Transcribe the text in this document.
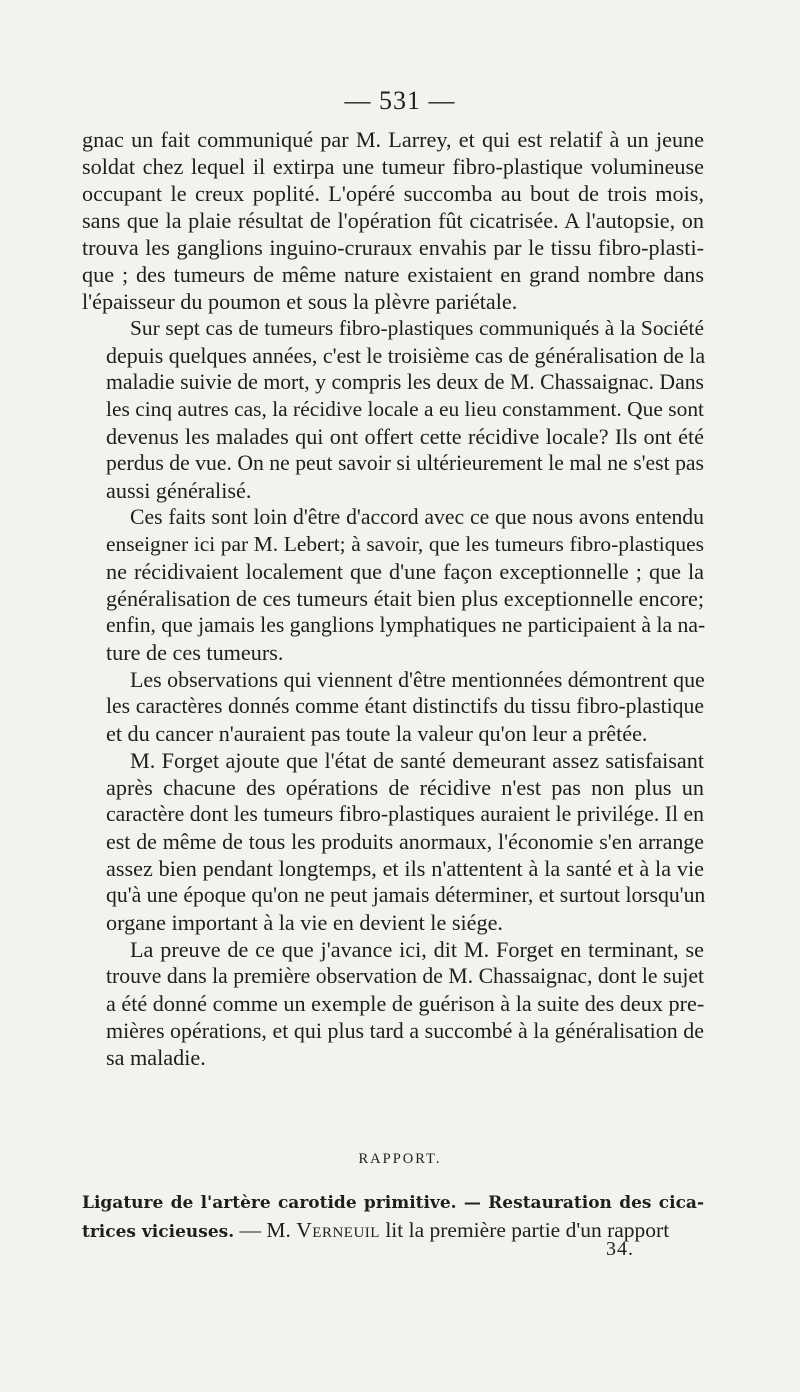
— 531 —
gnac un fait communiqué par M. Larrey, et qui est relatif à un jeune
soldat chez lequel il extirpa une tumeur fibro-plastique volumineuse
occupant le creux poplité. L'opéré succomba au bout de trois mois,
sans que la plaie résultat de l'opération fût cicatrisée. A l'autopsie, on
trouva les ganglions inguino-cruraux envahis par le tissu fibro-plasti-
que ; des tumeurs de même nature existaient en grand nombre dans
l'épaisseur du poumon et sous la plèvre pariétale.
Sur sept cas de tumeurs fibro-plastiques communiqués à la Société
depuis quelques années, c'est le troisième cas de généralisation de la
maladie suivie de mort, y compris les deux de M. Chassaignac. Dans
les cinq autres cas, la récidive locale a eu lieu constamment. Que sont
devenus les malades qui ont offert cette récidive locale? Ils ont été
perdus de vue. On ne peut savoir si ultérieurement le mal ne s'est pas
aussi généralisé.
Ces faits sont loin d'être d'accord avec ce que nous avons entendu
enseigner ici par M. Lebert; à savoir, que les tumeurs fibro-plastiques
ne récidivaient localement que d'une façon exceptionnelle ; que la
généralisation de ces tumeurs était bien plus exceptionnelle encore;
enfin, que jamais les ganglions lymphatiques ne participaient à la na-
ture de ces tumeurs.
Les observations qui viennent d'être mentionnées démontrent que
les caractères donnés comme étant distinctifs du tissu fibro-plastique
et du cancer n'auraient pas toute la valeur qu'on leur a prêtée.
M. Forget ajoute que l'état de santé demeurant assez satisfaisant
après chacune des opérations de récidive n'est pas non plus un
caractère dont les tumeurs fibro-plastiques auraient le privilége. Il en
est de même de tous les produits anormaux, l'économie s'en arrange
assez bien pendant longtemps, et ils n'attentent à la santé et à la vie
qu'à une époque qu'on ne peut jamais déterminer, et surtout lorsqu'un
organe important à la vie en devient le siége.
La preuve de ce que j'avance ici, dit M. Forget en terminant, se
trouve dans la première observation de M. Chassaignac, dont le sujet
a été donné comme un exemple de guérison à la suite des deux pre-
mières opérations, et qui plus tard a succombé à la généralisation de
sa maladie.
RAPPORT.
Ligature de l'artère carotide primitive. — Restauration des cica-
trices vicieuses. — M. Verneuil lit la première partie d'un rapport
34.
